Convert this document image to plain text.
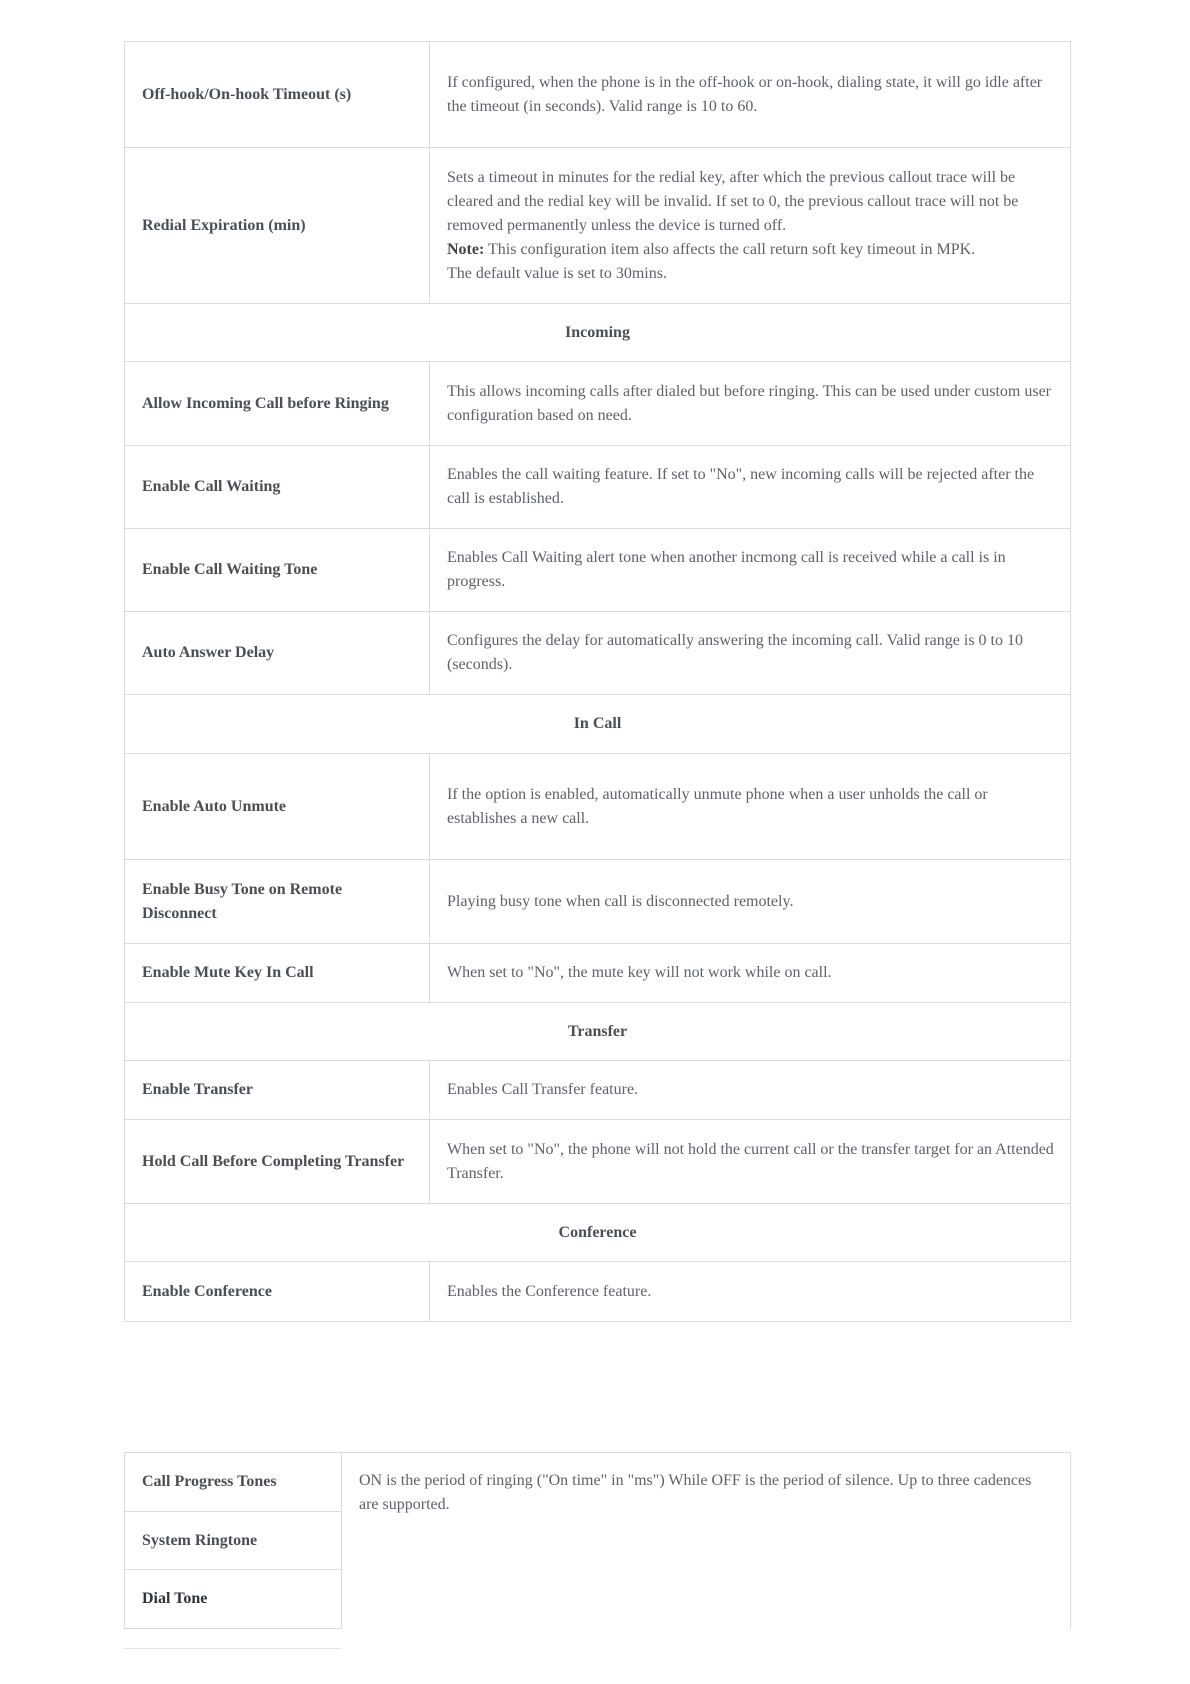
Off-hook/On-hook Timeout (s)	If configured, when the phone is in the off-hook or on-hook, dialing state, it will go idle after the timeout (in seconds). Valid range is 10 to 60.
Redial Expiration (min)	Sets a timeout in minutes for the redial key, after which the previous callout trace will be cleared and the redial key will be invalid. If set to 0, the previous callout trace will not be removed permanently unless the device is turned off.
Note: This configuration item also affects the call return soft key timeout in MPK.
The default value is set to 30mins.

Incoming	
Allow Incoming Call before Ringing	This allows incoming calls after dialed but before ringing. This can be used under custom user configuration based on need.
Enable Call Waiting	Enables the call waiting feature. If set to "No", new incoming calls will be rejected after the call is established.
Enable Call Waiting Tone	Enables Call Waiting alert tone when another incmong call is received while a call is in progress.
Auto Answer Delay	Configures the delay for automatically answering the incoming call. Valid range is 0 to 10 (seconds).
In Call	
Enable Auto Unmute	If the option is enabled, automatically unmute phone when a user unholds the call or establishes a new call.
Enable Busy Tone on Remote Disconnect	Playing busy tone when call is disconnected remotely.
Enable Mute Key In Call	When set to "No", the mute key will not work while on call.
Transfer	
Enable Transfer	Enables Call Transfer feature.
Hold Call Before Completing Transfer	When set to "No", the phone will not hold the current call or the transfer target for an Attended Transfer.
Conference	
Enable Conference	Enables the Conference feature.
Call Progress Tones	ON is the period of ringing ("On time" in "ms") While OFF is the period of silence. Up to three cadences are supported.
System Ringtone
Dial Tone
